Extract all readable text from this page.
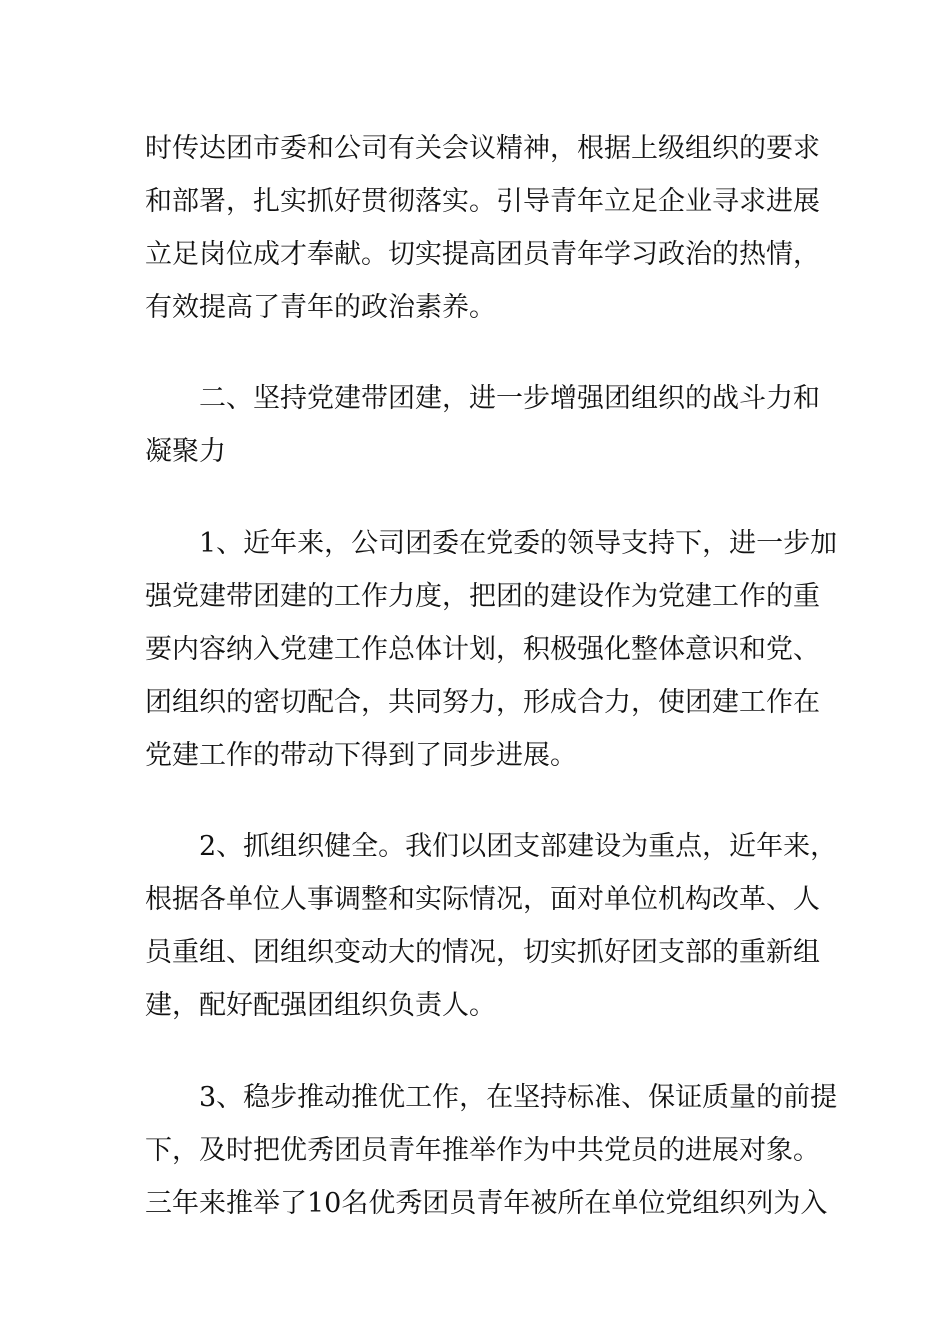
时传达团市委和公司有关会议精神，根据上级组织的要求

和部署，扎实抓好贯彻落实。引导青年立足企业寻求进展

立足岗位成才奉献。切实提高团员青年学习政治的热情，

有效提高了青年的政治素养。

二、坚持党建带团建，进一步增强团组织的战斗力和

凝聚力

1、近年来，公司团委在党委的领导支持下，进一步加

强党建带团建的工作力度，把团的建设作为党建工作的重

要内容纳入党建工作总体计划，积极强化整体意识和党、

团组织的密切配合，共同努力，形成合力，使团建工作在

党建工作的带动下得到了同步进展。

2、抓组织健全。我们以团支部建设为重点，近年来，

根据各单位人事调整和实际情况，面对单位机构改革、人

员重组、团组织变动大的情况，切实抓好团支部的重新组

建，配好配强团组织负责人。

3、稳步推动推优工作，在坚持标准、保证质量的前提

下，及时把优秀团员青年推举作为中共党员的进展对象。

三年来推举了10名优秀团员青年被所在单位党组织列为入
